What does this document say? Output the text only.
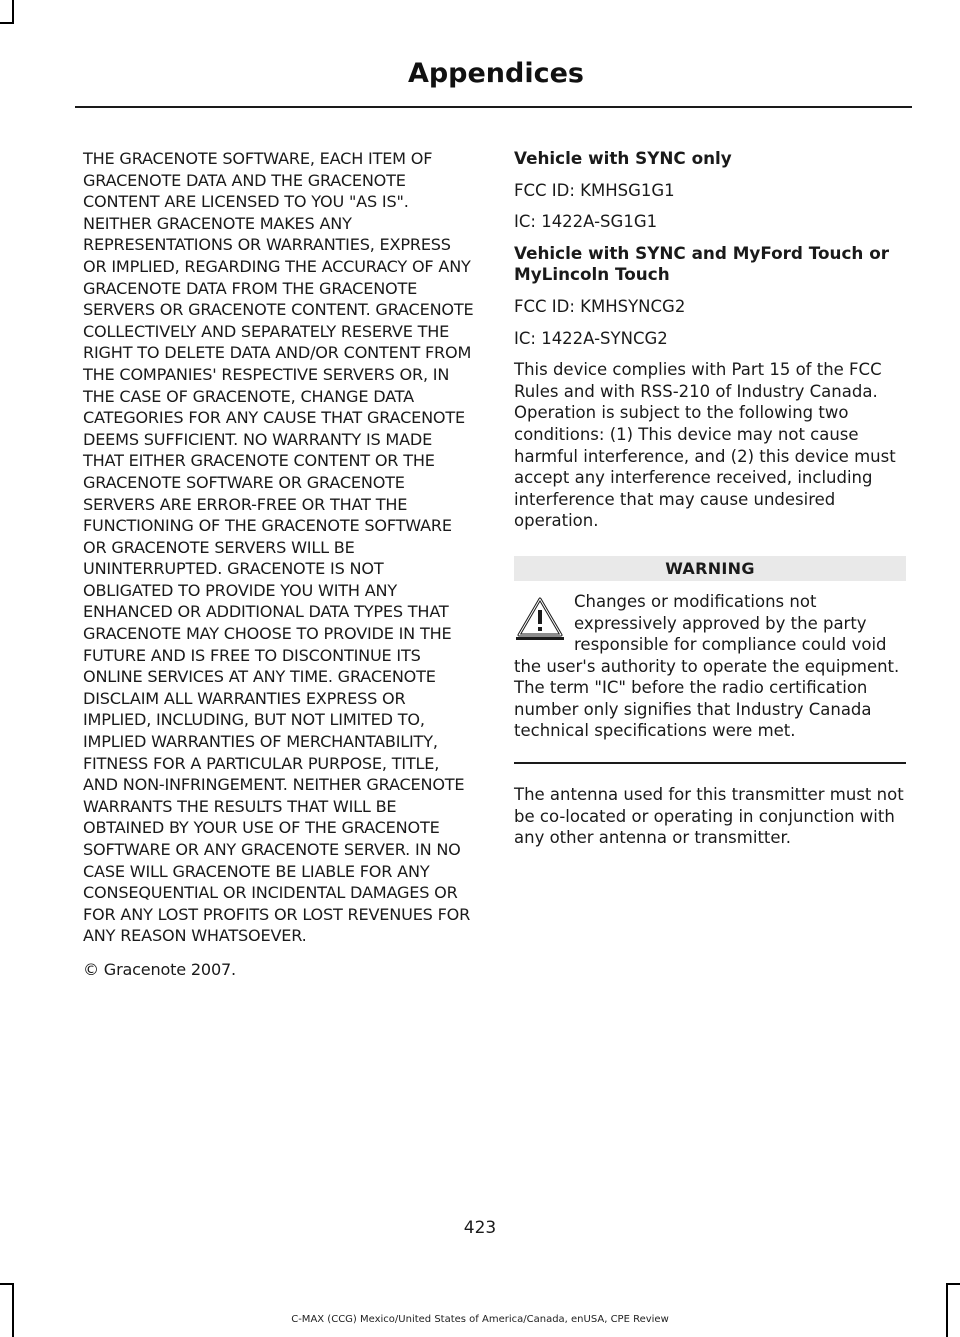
Appendices

THE GRACENOTE SOFTWARE, EACH ITEM OF GRACENOTE DATA AND THE GRACENOTE CONTENT ARE LICENSED TO YOU "AS IS". NEITHER GRACENOTE MAKES ANY REPRESENTATIONS OR WARRANTIES, EXPRESS OR IMPLIED, REGARDING THE ACCURACY OF ANY GRACENOTE DATA FROM THE GRACENOTE SERVERS OR GRACENOTE CONTENT. GRACENOTE COLLECTIVELY AND SEPARATELY RESERVE THE RIGHT TO DELETE DATA AND/OR CONTENT FROM THE COMPANIES' RESPECTIVE SERVERS OR, IN THE CASE OF GRACENOTE, CHANGE DATA CATEGORIES FOR ANY CAUSE THAT GRACENOTE DEEMS SUFFICIENT. NO WARRANTY IS MADE THAT EITHER GRACENOTE CONTENT OR THE GRACENOTE SOFTWARE OR GRACENOTE SERVERS ARE ERROR-FREE OR THAT THE FUNCTIONING OF THE GRACENOTE SOFTWARE OR GRACENOTE SERVERS WILL BE UNINTERRUPTED. GRACENOTE IS NOT OBLIGATED TO PROVIDE YOU WITH ANY ENHANCED OR ADDITIONAL DATA TYPES THAT GRACENOTE MAY CHOOSE TO PROVIDE IN THE FUTURE AND IS FREE TO DISCONTINUE ITS ONLINE SERVICES AT ANY TIME. GRACENOTE DISCLAIM ALL WARRANTIES EXPRESS OR IMPLIED, INCLUDING, BUT NOT LIMITED TO, IMPLIED WARRANTIES OF MERCHANTABILITY, FITNESS FOR A PARTICULAR PURPOSE, TITLE, AND NON-INFRINGEMENT. NEITHER GRACENOTE WARRANTS THE RESULTS THAT WILL BE OBTAINED BY YOUR USE OF THE GRACENOTE SOFTWARE OR ANY GRACENOTE SERVER. IN NO CASE WILL GRACENOTE BE LIABLE FOR ANY CONSEQUENTIAL OR INCIDENTAL DAMAGES OR FOR ANY LOST PROFITS OR LOST REVENUES FOR ANY REASON WHATSOEVER.

© Gracenote 2007.

Vehicle with SYNC only

FCC ID: KMHSG1G1

IC: 1422A-SG1G1

Vehicle with SYNC and MyFord Touch or MyLincoln Touch

FCC ID: KMHSYNCG2

IC: 1422A-SYNCG2

This device complies with Part 15 of the FCC Rules and with RSS-210 of Industry Canada. Operation is subject to the following two conditions: (1) This device may not cause harmful interference, and (2) this device must accept any interference received, including interference that may cause undesired operation.

WARNING

Changes or modifications not expressively approved by the party responsible for compliance could void the user's authority to operate the equipment. The term "IC" before the radio certification number only signifies that Industry Canada technical specifications were met.

The antenna used for this transmitter must not be co-located or operating in conjunction with any other antenna or transmitter.

423

C-MAX (CCG) Mexico/United States of America/Canada, enUSA, CPE Review
